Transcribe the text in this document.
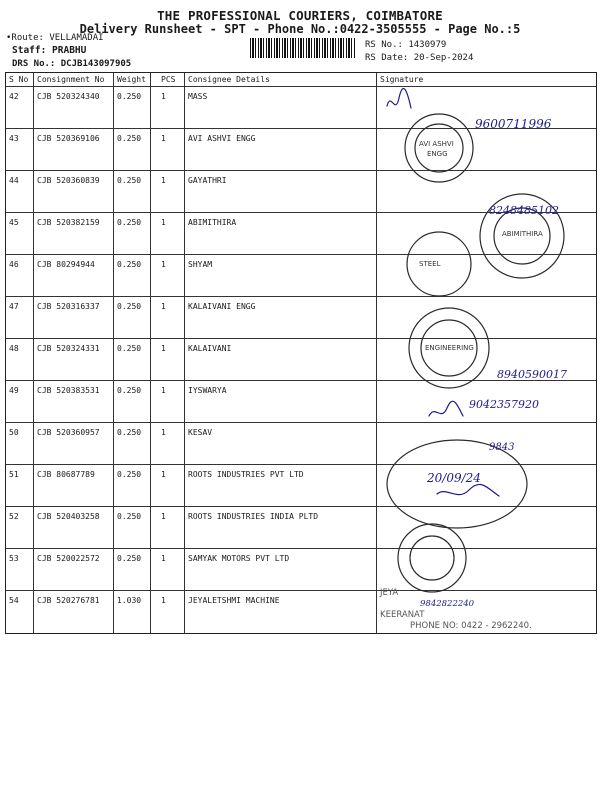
THE PROFESSIONAL COURIERS, COIMBATORE
Delivery Runsheet - SPT - Phone No.:0422-3505555 - Page No.:5
•Route: VELLAMADAI
Staff: PRABHU
DRS No.: DCJB143097905
RS No.: 1430979
RS Date: 20-Sep-2024
S No	Consignment No	Weight	PCS	Consignee Details	Signature
42	CJB 520324340	0.250	1	MASS
43	CJB 520369106	0.250	1	AVI ASHVI ENGG
44	CJB 520360839	0.250	1	GAYATHRI
45	CJB 520382159	0.250	1	ABIMITHIRA
46	CJB 80294944	0.250	1	SHYAM
47	CJB 520316337	0.250	1	KALAIVANI ENGG
48	CJB 520324331	0.250	1	KALAIVANI
49	CJB 520383531	0.250	1	IYSWARYA
50	CJB 520360957	0.250	1	KESAV
51	CJB 80687789	0.250	1	ROOTS INDUSTRIES PVT LTD
52	CJB 520403258	0.250	1	ROOTS INDUSTRIES INDIA PLTD
53	CJB 520022572	0.250	1	SAMYAK MOTORS PVT LTD
54	CJB 520276781	1.030	1	JEYALETSHMI MACHINE
AVI ASHVI
ENGG
9600711996
ABIMITHIRA
8248485102
STEEL
ENGINEERING
8940590017
9042357920
9843
20/09/24
JEYA
9842822240
KEERANAT
PHONE NO: 0422 - 2962240.
